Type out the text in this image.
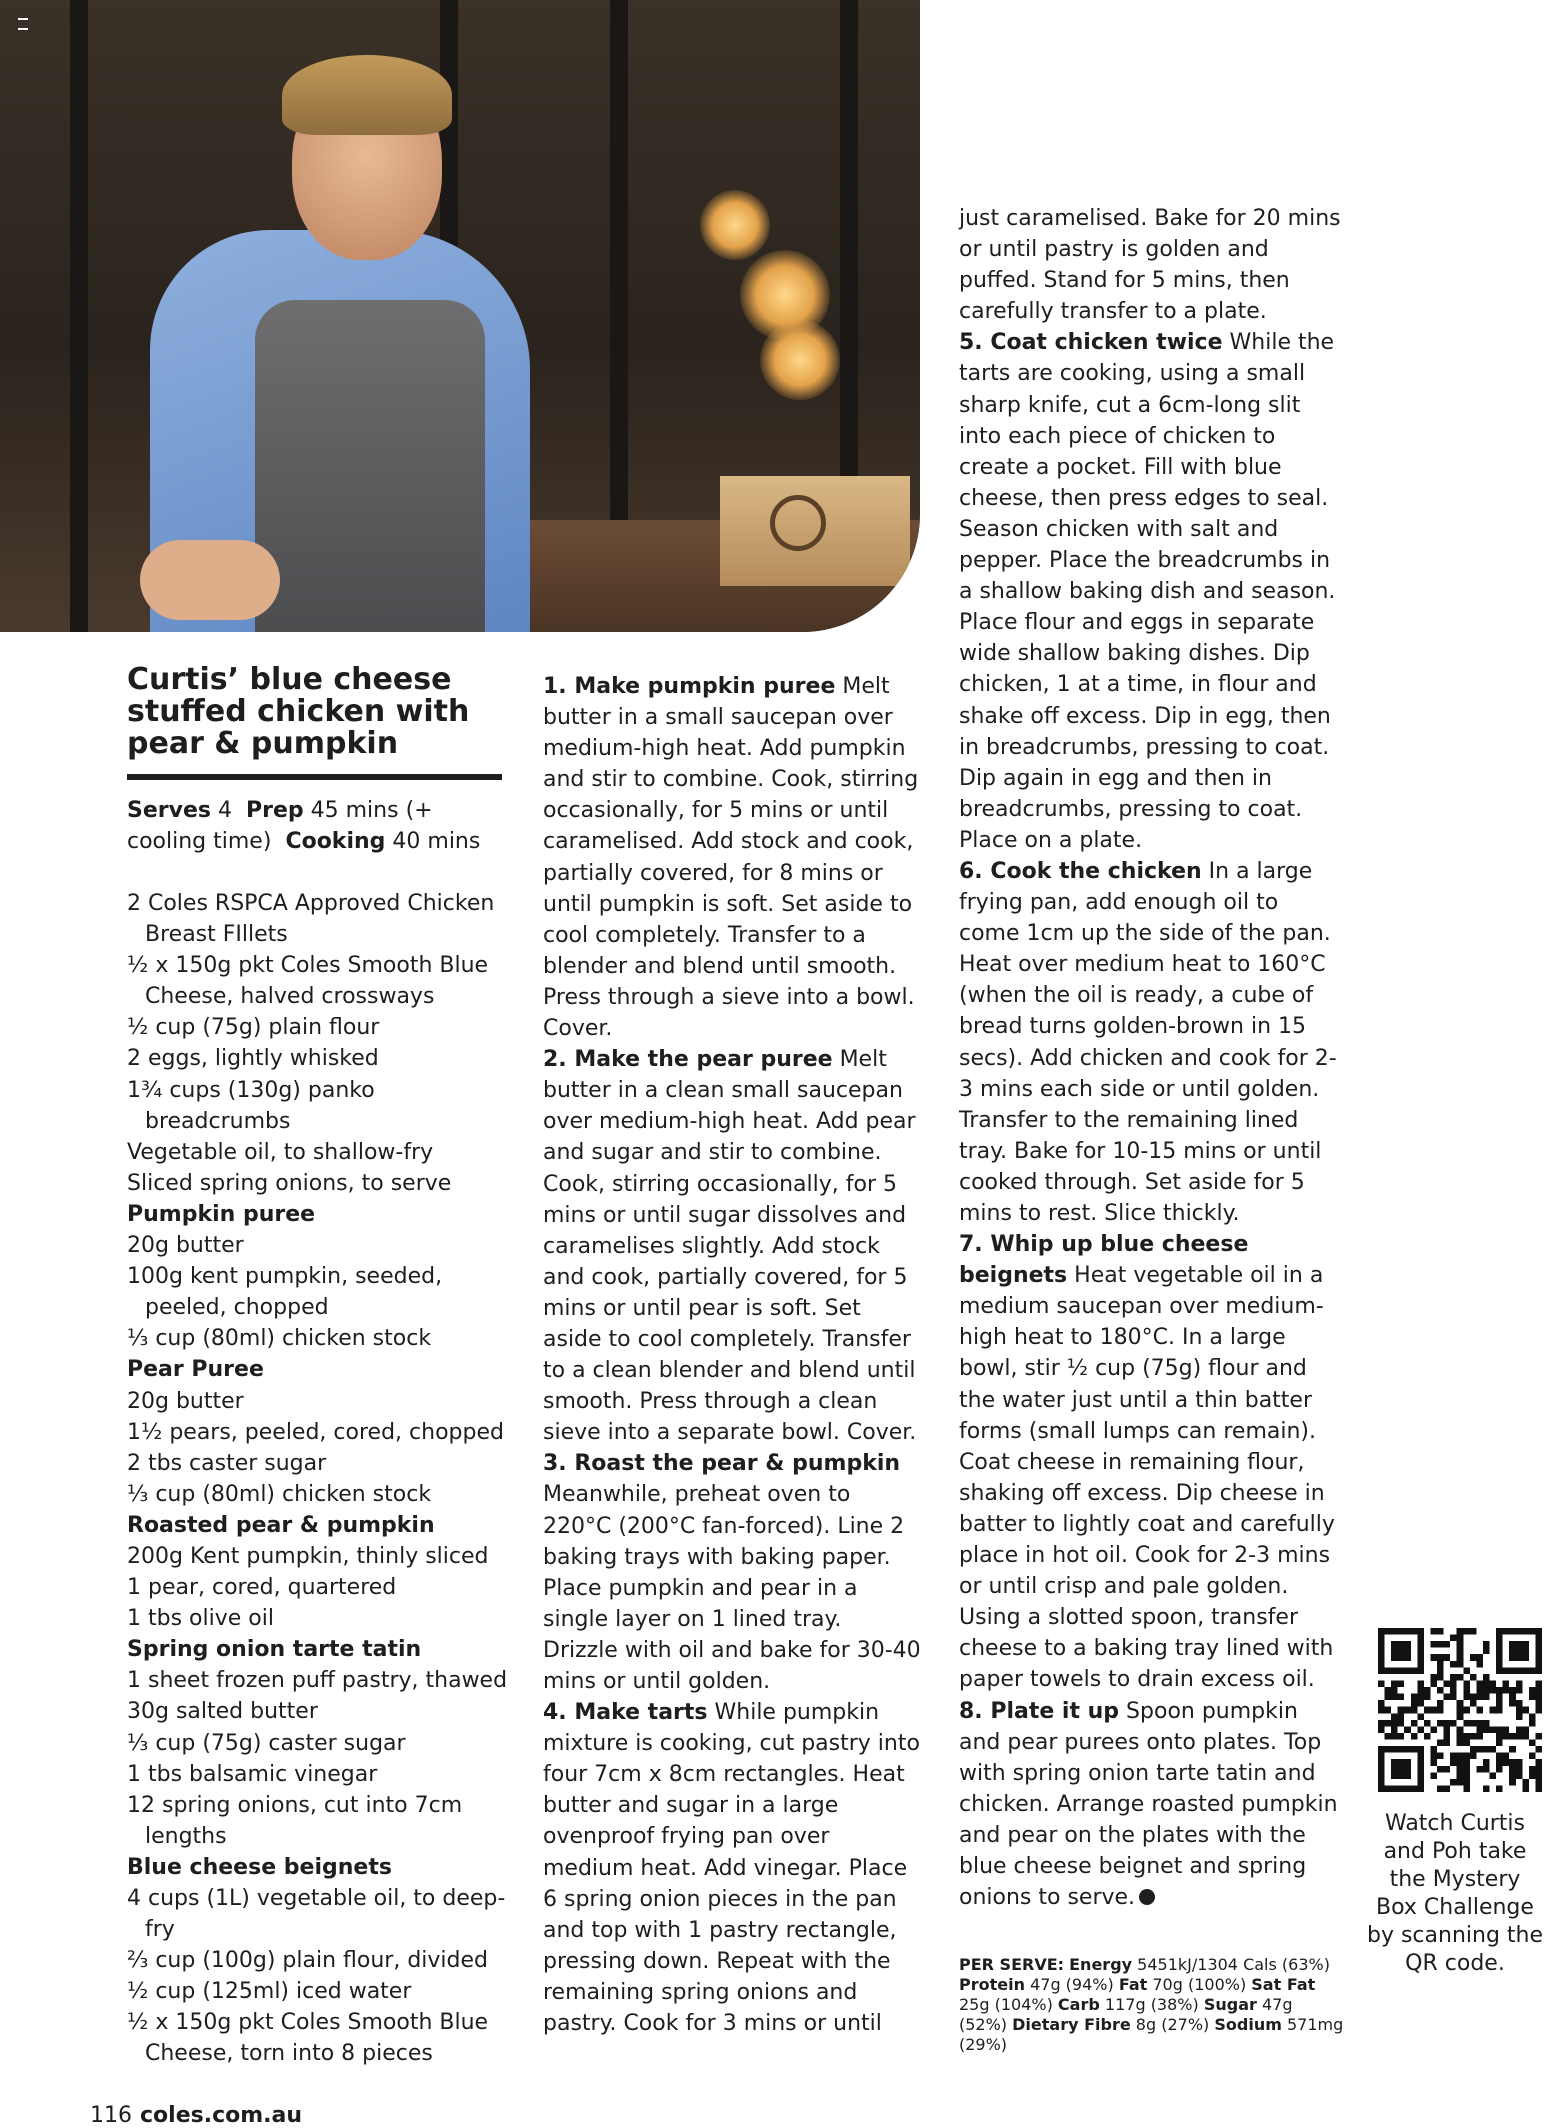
Curtis’ blue cheese stuffed chicken with pear & pumpkin
Serves 4 Prep 45 mins (+ cooling time) Cooking 40 mins

2 Coles RSPCA Approved Chicken Breast FIllets

½ x 150g pkt Coles Smooth Blue Cheese, halved crossways

½ cup (75g) plain flour

2 eggs, lightly whisked

1¾ cups (130g) panko breadcrumbs

Vegetable oil, to shallow-fry

Sliced spring onions, to serve

Pumpkin puree

20g butter

100g kent pumpkin, seeded, peeled, chopped

⅓ cup (80ml) chicken stock

Pear Puree

20g butter

1½ pears, peeled, cored, chopped

2 tbs caster sugar

⅓ cup (80ml) chicken stock

Roasted pear & pumpkin

200g Kent pumpkin, thinly sliced

1 pear, cored, quartered

1 tbs olive oil

Spring onion tarte tatin

1 sheet frozen puff pastry, thawed

30g salted butter

⅓ cup (75g) caster sugar

1 tbs balsamic vinegar

12 spring onions, cut into 7cm lengths

Blue cheese beignets

4 cups (1L) vegetable oil, to deep-fry

⅔ cup (100g) plain flour, divided

½ cup (125ml) iced water

½ x 150g pkt Coles Smooth Blue Cheese, torn into 8 pieces

1. Make pumpkin puree Melt butter in a small saucepan over medium-high heat. Add pumpkin and stir to combine. Cook, stirring occasionally, for 5 mins or until caramelised. Add stock and cook, partially covered, for 8 mins or until pumpkin is soft. Set aside to cool completely. Transfer to a blender and blend until smooth. Press through a sieve into a bowl. Cover.

2. Make the pear puree Melt butter in a clean small saucepan over medium-high heat. Add pear and sugar and stir to combine. Cook, stirring occasionally, for 5 mins or until sugar dissolves and caramelises slightly. Add stock and cook, partially covered, for 5 mins or until pear is soft. Set aside to cool completely. Transfer to a clean blender and blend until smooth. Press through a clean sieve into a separate bowl. Cover.

3. Roast the pear & pumpkin Meanwhile, preheat oven to 220°C (200°C fan-forced). Line 2 baking trays with baking paper. Place pumpkin and pear in a single layer on 1 lined tray. Drizzle with oil and bake for 30-40 mins or until golden.

4. Make tarts While pumpkin mixture is cooking, cut pastry into four 7cm x 8cm rectangles. Heat butter and sugar in a large ovenproof frying pan over medium heat. Add vinegar. Place 6 spring onion pieces in the pan and top with 1 pastry rectangle, pressing down. Repeat with the remaining spring onions and pastry. Cook for 3 mins or until

just caramelised. Bake for 20 mins or until pastry is golden and puffed. Stand for 5 mins, then carefully transfer to a plate.

5. Coat chicken twice While the tarts are cooking, using a small sharp knife, cut a 6cm-long slit into each piece of chicken to create a pocket. Fill with blue cheese, then press edges to seal. Season chicken with salt and pepper. Place the breadcrumbs in a shallow baking dish and season. Place flour and eggs in separate wide shallow baking dishes. Dip chicken, 1 at a time, in flour and shake off excess. Dip in egg, then in breadcrumbs, pressing to coat. Dip again in egg and then in breadcrumbs, pressing to coat. Place on a plate.

6. Cook the chicken In a large frying pan, add enough oil to come 1cm up the side of the pan. Heat over medium heat to 160°C (when the oil is ready, a cube of bread turns golden-brown in 15 secs). Add chicken and cook for 2-3 mins each side or until golden. Transfer to the remaining lined tray. Bake for 10-15 mins or until cooked through. Set aside for 5 mins to rest. Slice thickly.

7. Whip up blue cheese beignets Heat vegetable oil in a medium saucepan over medium-high heat to 180°C. In a large bowl, stir ½ cup (75g) flour and the water just until a thin batter forms (small lumps can remain). Coat cheese in remaining flour, shaking off excess. Dip cheese in batter to lightly coat and carefully place in hot oil. Cook for 2-3 mins or until crisp and pale golden. Using a slotted spoon, transfer cheese to a baking tray lined with paper towels to drain excess oil.

8. Plate it up Spoon pumpkin and pear purees onto plates. Top with spring onion tarte tatin and chicken. Arrange roasted pumpkin and pear on the plates with the blue cheese beignet and spring onions to serve.

PER SERVE: Energy 5451kJ/1304 Cals (63%) Protein 47g (94%) Fat 70g (100%) Sat Fat 25g (104%) Carb 117g (38%) Sugar 47g (52%) Dietary Fibre 8g (27%) Sodium 571mg (29%)
Watch Curtis and Poh take the Mystery Box Challenge by scanning the QR code.
116 coles.com.au
